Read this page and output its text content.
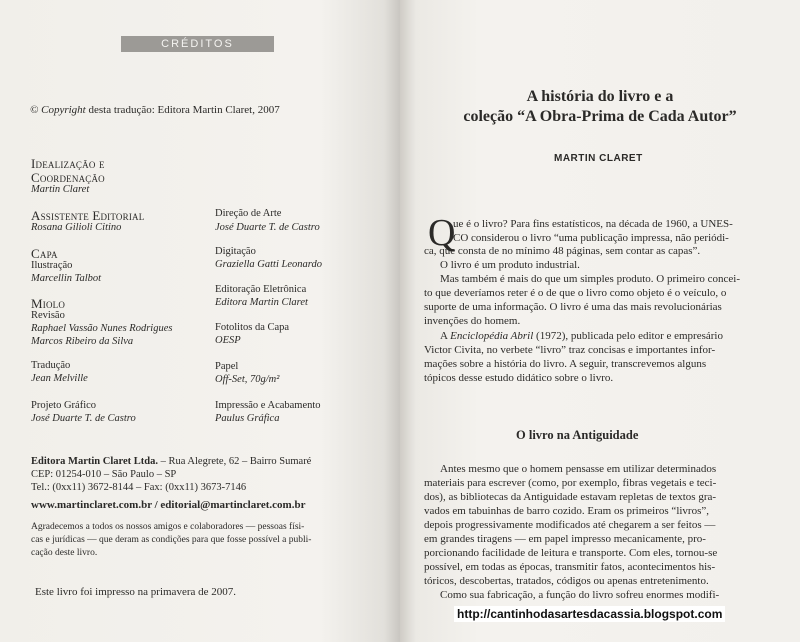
CRÉDITOS
© Copyright desta tradução: Editora Martin Claret, 2007
Idealização e
Coordenação
Martin Claret
Assistente Editorial
Rosana Gilioli Citino
Capa
Ilustração
Marcellin Talbot
Miolo
Revisão
Raphael Vassão Nunes Rodrigues
Marcos Ribeiro da Silva
Tradução
Jean Melville
Projeto Gráfico
José Duarte T. de Castro
Direção de Arte
José Duarte T. de Castro
Digitação
Graziella Gatti Leonardo
Editoração Eletrônica
Editora Martin Claret
Fotolitos da Capa
OESP
Papel
Off-Set, 70g/m²
Impressão e Acabamento
Paulus Gráfica
Editora Martin Claret Ltda. – Rua Alegrete, 62 – Bairro Sumaré
CEP: 01254-010 – São Paulo – SP
Tel.: (0xx11) 3672-8144 – Fax: (0xx11) 3673-7146
www.martinclaret.com.br / editorial@martinclaret.com.br
Agradecemos a todos os nossos amigos e colaboradores — pessoas físi-
cas e jurídicas — que deram as condições para que fosse possível a publi-
cação deste livro.
Este livro foi impresso na primavera de 2007.
A história do livro e a
coleção “A Obra-Prima de Cada Autor”
MARTIN CLARET
Q
ue é o livro? Para fins estatísticos, na década de 1960, a UNES-
CO considerou o livro “uma publicação impressa, não periódi-
ca, que consta de no mínimo 48 páginas, sem contar as capas”.
O livro é um produto industrial.
Mas também é mais do que um simples produto. O primeiro concei-
to que deveríamos reter é o de que o livro como objeto é o veículo, o
suporte de uma informação. O livro é uma das mais revolucionárias
invenções do homem.
A Enciclopédia Abril (1972), publicada pelo editor e empresário
Victor Civita, no verbete “livro” traz concisas e importantes infor-
mações sobre a história do livro. A seguir, transcrevemos alguns
tópicos desse estudo didático sobre o livro.
O livro na Antiguidade
Antes mesmo que o homem pensasse em utilizar determinados
materiais para escrever (como, por exemplo, fibras vegetais e teci-
dos), as bibliotecas da Antiguidade estavam repletas de textos gra-
vados em tabuinhas de barro cozido. Eram os primeiros “livros”,
depois progressivamente modificados até chegarem a ser feitos —
em grandes tiragens — em papel impresso mecanicamente, pro-
porcionando facilidade de leitura e transporte. Com eles, tornou-se
possível, em todas as épocas, transmitir fatos, acontecimentos his-
tóricos, descobertas, tratados, códigos ou apenas entretenimento.
Como sua fabricação, a função do livro sofreu enormes modifi-
http://cantinhodasartesdacassia.blogspot.com
